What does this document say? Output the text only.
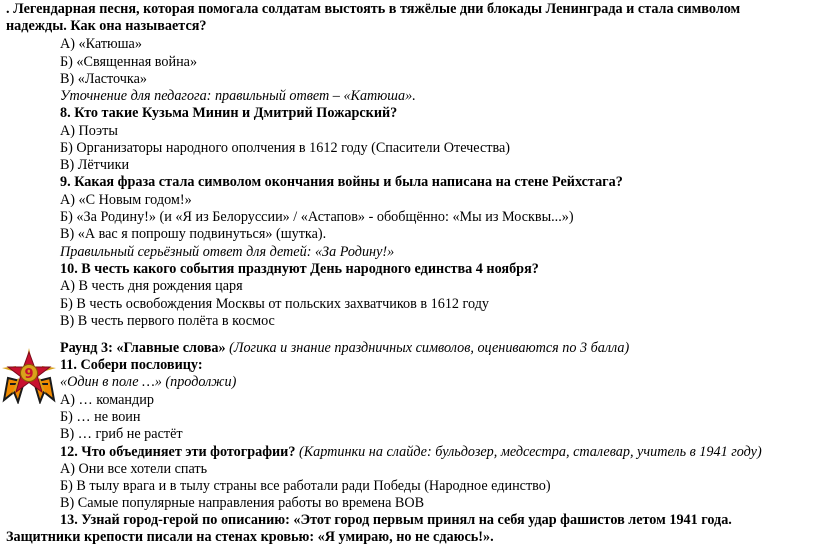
. Легендарная песня, которая помогала солдатам выстоять в тяжёлые дни блокады Ленинграда и стала символом
надежды. Как она называется?
А) «Катюша»
Б) «Священная война»
В) «Ласточка»
Уточнение для педагога: правильный ответ – «Катюша».
8. Кто такие Кузьма Минин и Дмитрий Пожарский?
А) Поэты
Б) Организаторы народного ополчения в 1612 году (Спасители Отечества)
В) Лётчики
9. Какая фраза стала символом окончания войны и была написана на стене Рейхстага?
А) «С Новым годом!»
Б) «За Родину!» (и «Я из Белоруссии» / «Астапов» - обобщённо: «Мы из Москвы...»)
В) «А вас я попрошу подвинуться» (шутка).
Правильный серьёзный ответ для детей: «За Родину!»
10. В честь какого события празднуют День народного единства 4 ноября?
А) В честь дня рождения царя
Б) В честь освобождения Москвы от польских захватчиков в 1612 году
В) В честь первого полёта в космос
Раунд 3: «Главные слова» (Логика и знание праздничных символов, оцениваются по 3 балла)
11. Собери пословицу:
«Один в поле …» (продолжи)
А) … командир
Б) … не воин
В) … гриб не растёт
12. Что объединяет эти фотографии? (Картинки на слайде: бульдозер, медсестра, сталевар, учитель в 1941 году)
А) Они все хотели спать
Б) В тылу врага и в тылу страны все работали ради Победы (Народное единство)
В) Самые популярные направления работы во времена ВОВ
13. Узнай город-герой по описанию: «Этот город первым принял на себя удар фашистов летом 1941 года.
Защитники крепости писали на стенах кровью: «Я умираю, но не сдаюсь!».
9
